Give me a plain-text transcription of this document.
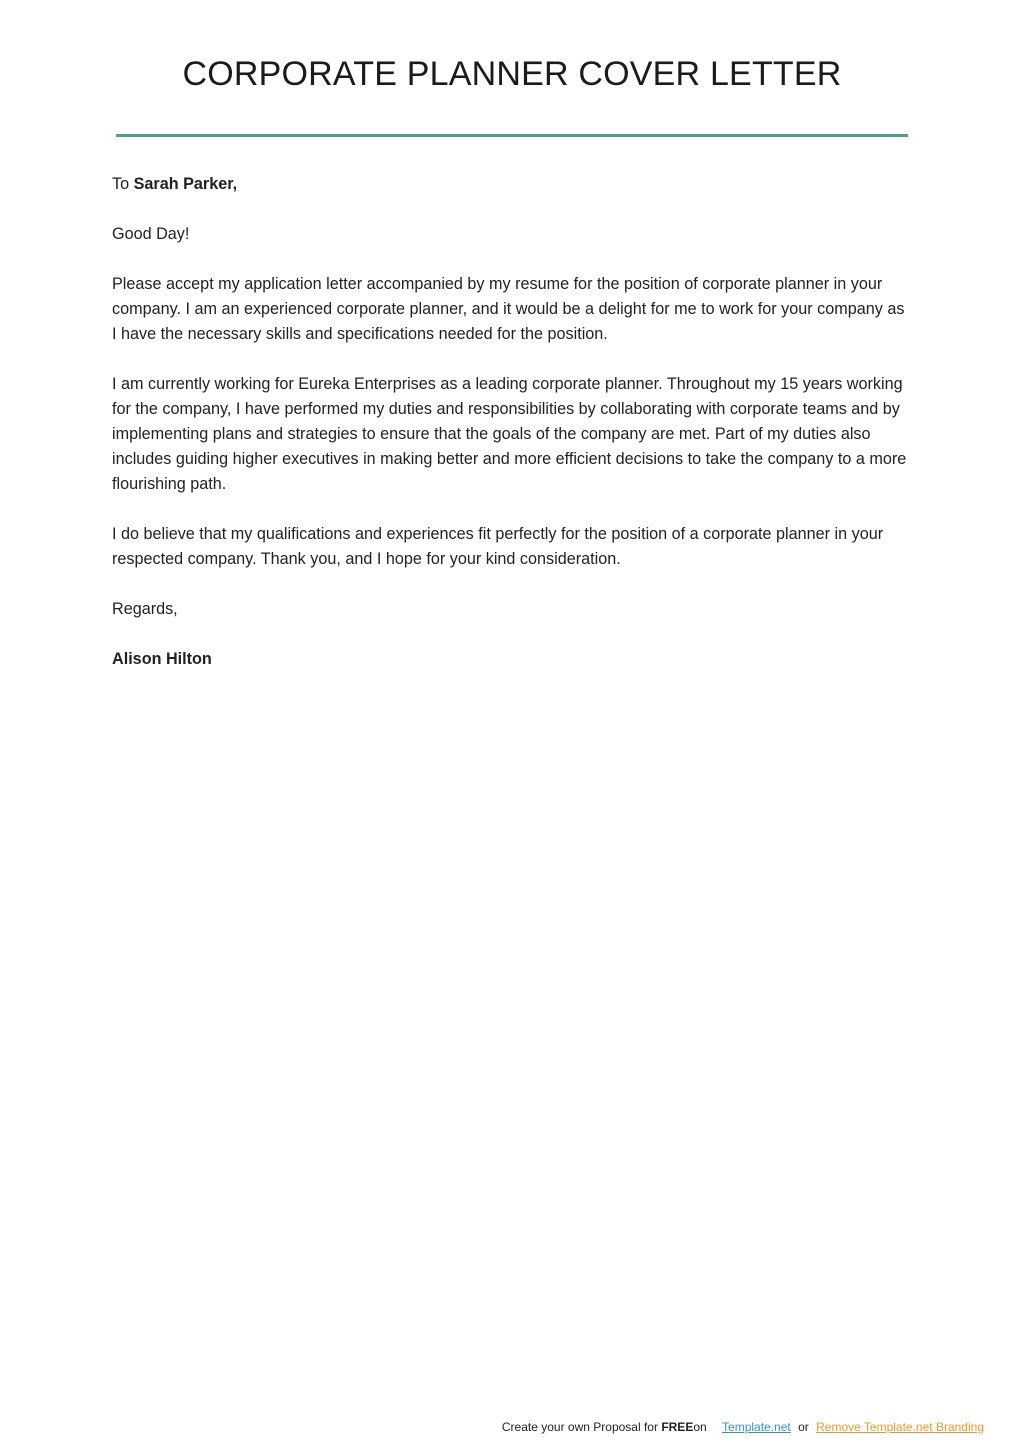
CORPORATE PLANNER COVER LETTER

To Sarah Parker,

Good Day!

Please accept my application letter accompanied by my resume for the position of corporate planner in your company. I am an experienced corporate planner, and it would be a delight for me to work for your company as I have the necessary skills and specifications needed for the position.

I am currently working for Eureka Enterprises as a leading corporate planner. Throughout my 15 years working for the company, I have performed my duties and responsibilities by collaborating with corporate teams and by implementing plans and strategies to ensure that the goals of the company are met. Part of my duties also includes guiding higher executives in making better and more efficient decisions to take the company to a more flourishing path.

I do believe that my qualifications and experiences fit perfectly for the position of a corporate planner in your respected company. Thank you, and I hope for your kind consideration.

Regards,

Alison Hilton

Create your own Proposal for FREEon Template.net or Remove Template.net Branding
